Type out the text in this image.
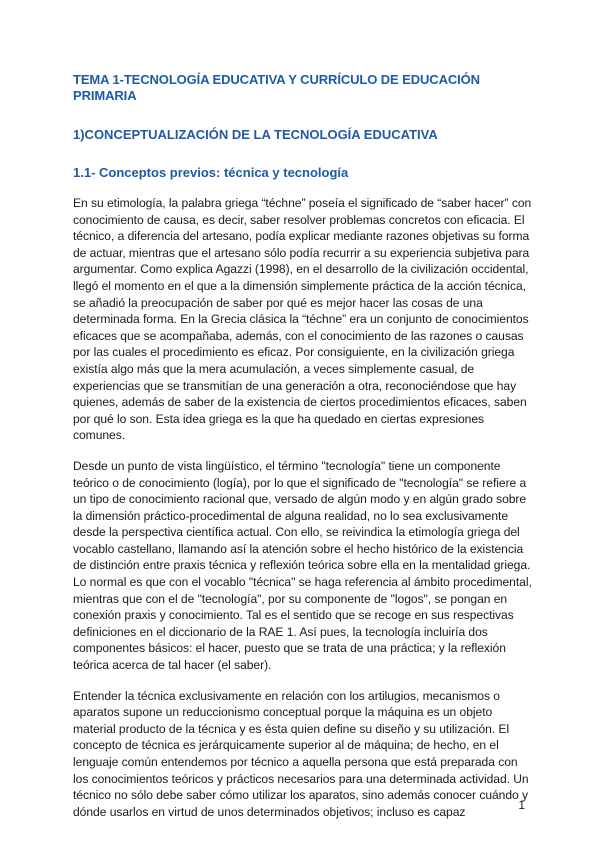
TEMA 1-TECNOLOGÍA EDUCATIVA Y CURRÍCULO DE EDUCACIÓN PRIMARIA
1)CONCEPTUALIZACIÓN DE LA TECNOLOGÍA EDUCATIVA
1.1- Conceptos previos: técnica y tecnología

En su etimología, la palabra griega “téchne” poseía el significado de “saber hacer” con conocimiento de causa, es decir, saber resolver problemas concretos con eficacia. El técnico, a diferencia del artesano, podía explicar mediante razones objetivas su forma de actuar, mientras que el artesano sólo podía recurrir a su experiencia subjetiva para argumentar. Como explica Agazzi (1998), en el desarrollo de la civilización occidental, llegó el momento en el que a la dimensión simplemente práctica de la acción técnica, se añadió la preocupación de saber por qué es mejor hacer las cosas de una determinada forma. En la Grecia clásica la “téchne” era un conjunto de conocimientos eficaces que se acompañaba, además, con el conocimiento de las razones o causas por las cuales el procedimiento es eficaz. Por consiguiente, en la civilización griega existía algo más que la mera acumulación, a veces simplemente casual, de experiencias que se transmitían de una generación a otra, reconociéndose que hay quienes, además de saber de la existencia de ciertos procedimientos eficaces, saben por qué lo son. Esta idea griega es la que ha quedado en ciertas expresiones comunes.

Desde un punto de vista lingüístico, el término "tecnología" tiene un componente teórico o de conocimiento (logía), por lo que el significado de "tecnología" se refiere a un tipo de conocimiento racional que, versado de algún modo y en algún grado sobre la dimensión práctico-procedimental de alguna realidad, no lo sea exclusivamente desde la perspectiva científica actual. Con ello, se reivindica la etimología griega del vocablo castellano, llamando así la atención sobre el hecho histórico de la existencia de distinción entre praxis técnica y reflexión teórica sobre ella en la mentalidad griega. Lo normal es que con el vocablo "técnica" se haga referencia al ámbito procedimental, mientras que con el de "tecnología", por su componente de "logos", se pongan en conexión praxis y conocimiento. Tal es el sentido que se recoge en sus respectivas definiciones en el diccionario de la RAE 1. Así pues, la tecnología incluiría dos componentes básicos: el hacer, puesto que se trata de una práctica; y la reflexión teórica acerca de tal hacer (el saber).

Entender la técnica exclusivamente en relación con los artilugios, mecanismos o aparatos supone un reduccionismo conceptual porque la máquina es un objeto material producto de la técnica y es ésta quien define su diseño y su utilización. El concepto de técnica es jerárquicamente superior al de máquina; de hecho, en el lenguaje común entendemos por técnico a aquella persona que está preparada con los conocimientos teóricos y prácticos necesarios para una determinada actividad. Un técnico no sólo debe saber cómo utilizar los aparatos, sino además conocer cuándo y dónde usarlos en virtud de unos determinados objetivos; incluso es capaz	1
